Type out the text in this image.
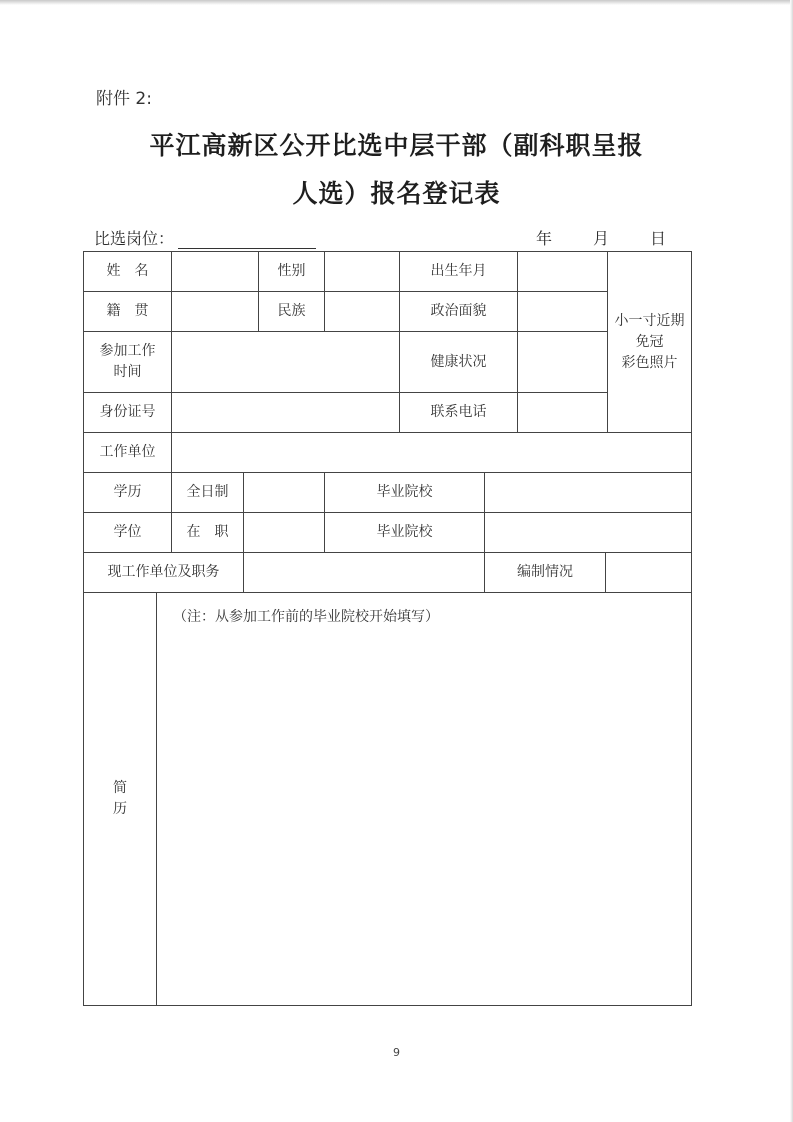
附件 2:
平江高新区公开比选中层干部（副科职呈报
人选）报名登记表
比选岗位：	年	月	日
姓　名				性别		出生年月				小一寸近期免冠
彩色照片

籍　贯				民族		政治面貌				

参加工作
时间						健康状况				
身份证号						联系电话				
工作单位										
学历		全日制			毕业院校					
学位		在　职			毕业院校					
现工作单位及职务							编制情况			

简
历	（注：从参加工作前的毕业院校开始填写）									
9
